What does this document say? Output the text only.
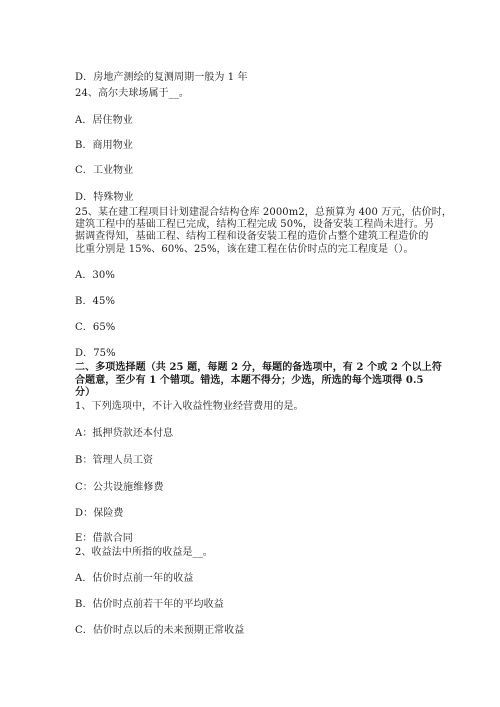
D．房地产测绘的复测周期一般为 1 年
24、高尔夫球场属于__。
A．居住物业
B．商用物业
C．工业物业
D．特殊物业
25、某在建工程项目计划建混合结构仓库 2000m2，总预算为 400 万元，估价时，
建筑工程中的基础工程已完成，结构工程完成 50%，设备安装工程尚未进行。另
据调查得知，基础工程、结构工程和设备安装工程的造价占整个建筑工程造价的
比重分别是 15%、60%、25%，该在建工程在估价时点的完工程度是（）。
A．30%
B．45%
C．65%
D．75%
二、多项选择题（共 25 题，每题 2 分，每题的备选项中，有 2 个或 2 个以上符
合题意，至少有 1 个错项。错选，本题不得分；少选，所选的每个选项得 0.5
分）
1、下列选项中，不计入收益性物业经营费用的是。
A：抵押贷款还本付息
B：管理人员工资
C：公共设施维修费
D：保险费
E：借款合同
2、收益法中所指的收益是__。
A．估价时点前一年的收益
B．估价时点前若干年的平均收益
C．估价时点以后的未来预期正常收益
